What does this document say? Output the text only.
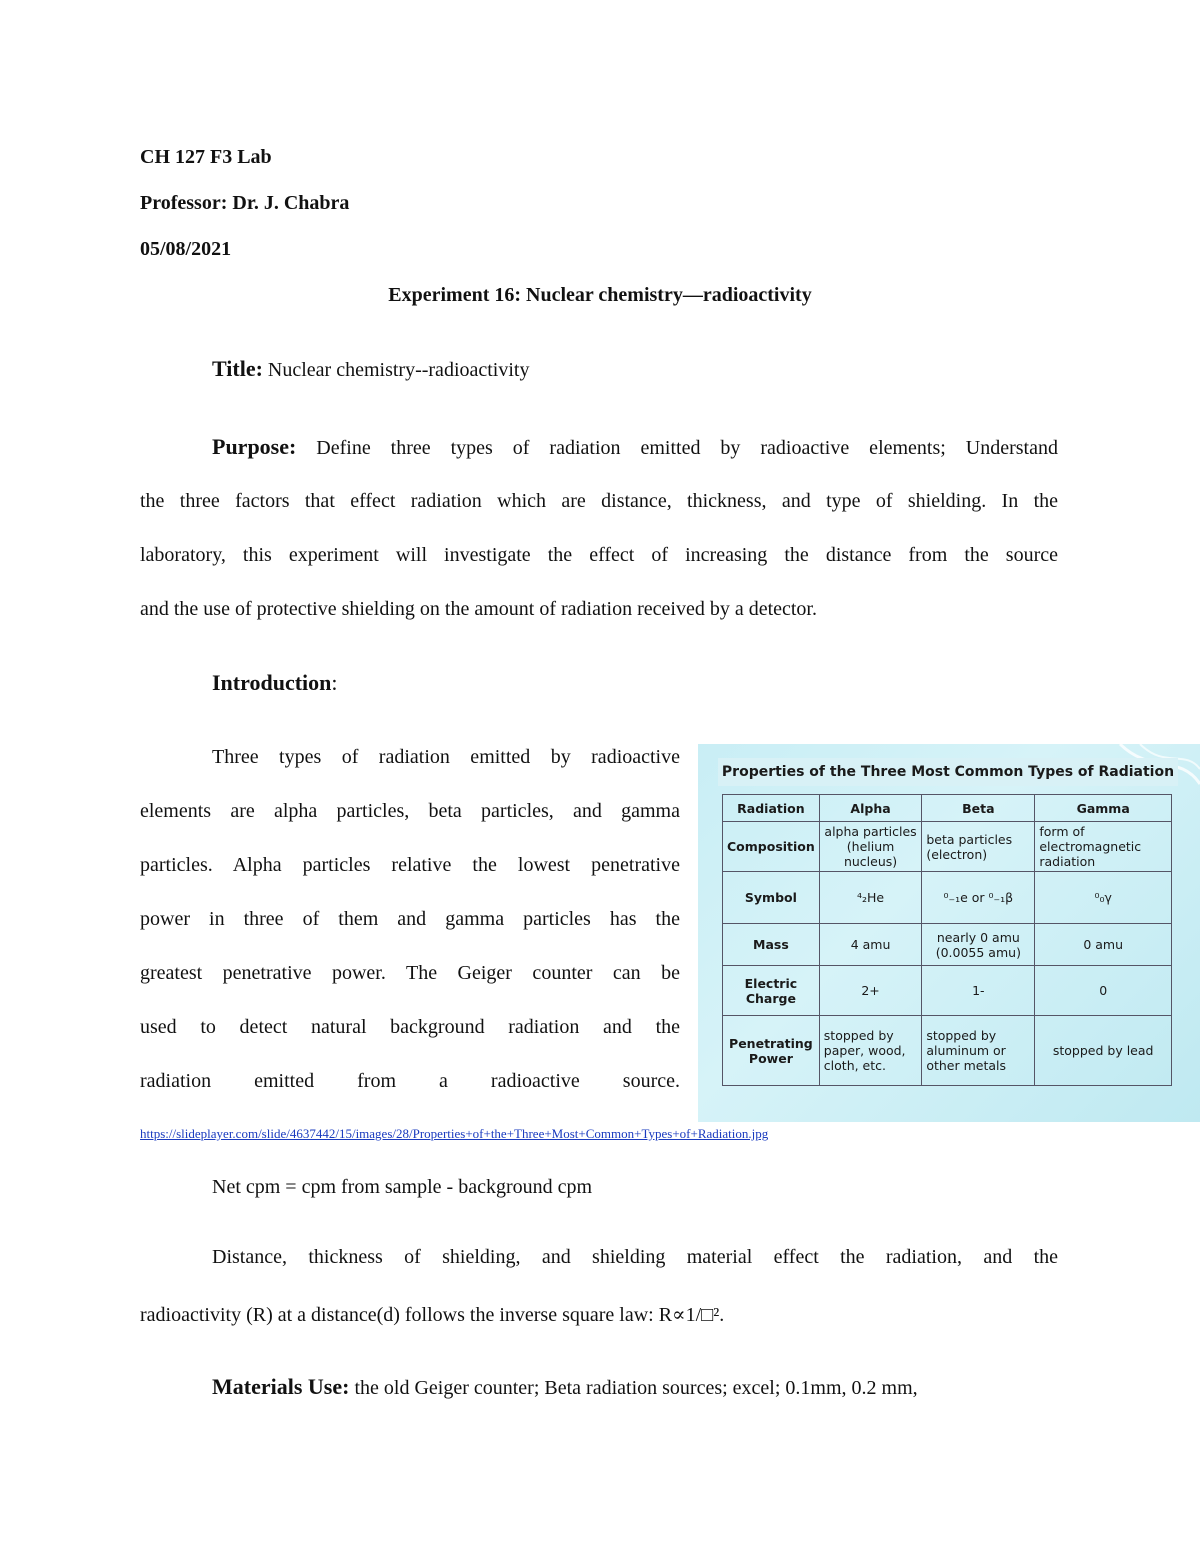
CH 127 F3 Lab
Professor: Dr. J. Chabra
05/08/2021
Experiment 16: Nuclear chemistry—radioactivity
Title: Nuclear chemistry--radioactivity
Purpose: Define three types of radiation emitted by radioactive elements; Understand
the three factors that effect radiation which are distance, thickness, and type of shielding. In the
laboratory, this experiment will investigate the effect of increasing the distance from the source
and the use of protective shielding on the amount of radiation received by a detector.
Introduction:
Three types of radiation emitted by radioactive
elements are alpha particles, beta particles, and gamma
particles. Alpha particles relative the lowest penetrative
power in three of them and gamma particles has the
greatest penetrative power. The Geiger counter can be
used to detect natural background radiation and the
radiation emitted from a radioactive source.
Properties of the Three Most Common Types of Radiation
Radiation	Alpha	Beta	Gamma
Composition	alpha particles (helium nucleus)	beta particles (electron)	form of electromagnetic radiation
Symbol	⁴₂He	⁰₋₁e or ⁰₋₁β	⁰₀γ
Mass	4 amu	nearly 0 amu (0.0055 amu)	0 amu
Electric Charge	2+	1-	0
Penetrating Power	stopped by paper, wood, cloth, etc.	stopped by aluminum or other metals	stopped by lead
https://slideplayer.com/slide/4637442/15/images/28/Properties+of+the+Three+Most+Common+Types+of+Radiation.jpg
Net cpm = cpm from sample - background cpm
Distance, thickness of shielding, and shielding material effect the radiation, and the
radioactivity (R) at a distance(d) follows the inverse square law: R∝1/□².
Materials Use: the old Geiger counter; Beta radiation sources; excel; 0.1mm, 0.2 mm,
